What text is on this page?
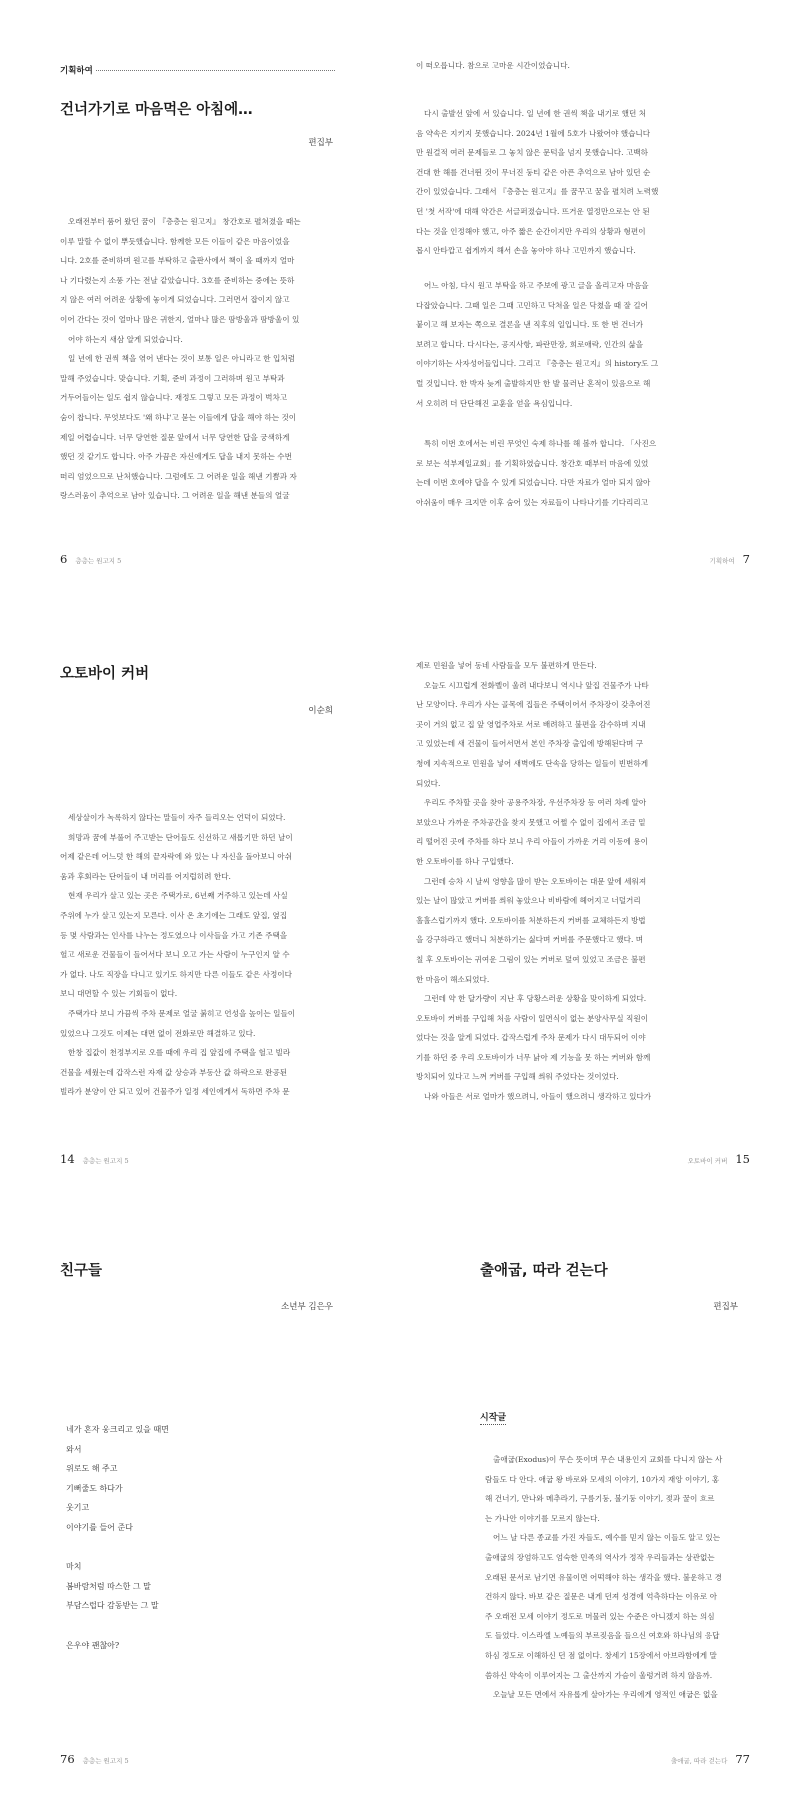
기획하여
건너가기로 마음먹은 아침에…
편집부

오래전부터 품어 왔던 꿈이 『층층는 원고지』 창간호로 펼쳐졌을 때는

이루 말할 수 없이 뿌듯했습니다. 함께한 모든 이들이 같은 마음이었을

니다. 2호를 준비하며 원고를 부탁하고 출판사에서 책이 올 때까지 얼마

나 기다렸는지 소풍 가는 전날 같았습니다. 3호를 준비하는 중에는 뜻하

지 않은 여러 어려운 상황에 놓이게 되었습니다. 그러면서 잡이지 않고

이어 간다는 것이 얼마나 많은 귀한지, 얼마나 많은 땀방울과 땀방울이 있

어야 하는지 새삼 알게 되었습니다.

일 년에 한 권씩 책을 엮어 낸다는 것이 보통 일은 아니라고 한 입처럼

말해 주었습니다. 맞습니다. 기획, 준비 과정이 그러하며 원고 부탁과

거두어들이는 일도 쉽지 않습니다. 재정도 그렇고 모든 과정이 벅차고

숨이 찹니다. 무엇보다도 '왜 하냐'고 묻는 이들에게 답을 해야 하는 것이

제일 어렵습니다. 너무 당연한 질문 앞에서 너무 당연한 답을 궁색하게

했던 것 같기도 합니다. 아주 가끔은 자신에게도 답을 내지 못하는 수번

떠리 엄었으므로 난처했습니다. 그럼에도 그 어려운 일을 해낸 기쁨과 자

랑스러움이 추억으로 남아 있습니다. 그 어려운 일을 해낸 분들의 얼굴

6 층층는 원고지 5

이 떠오릅니다. 참으로 고마운 시간이었습니다.

다시 출발선 앞에 서 있습니다. 일 년에 한 권씩 책을 내기로 했던 처

음 약속은 지키지 못했습니다. 2024년 1월에 5호가 나왔어야 했습니다

만 원걸적 여러 문제들로 그 놓치 않은 문턱을 넘지 못했습니다. 고백하

건대 한 해를 건너뛴 것이 무너진 둥티 같은 아픈 추억으로 남아 있던 순

간이 있었습니다. 그래서 『층층는 원고지』를 꿈꾸고 꿈을 펼치려 노력했

던 '첫 서작'에 대해 약간은 서글퍼졌습니다. 뜨거운 열정만으로는 안 된

다는 것을 인정해야 했고, 아주 짧은 순간이지만 우리의 상황과 형편이

몹시 안타깝고 쉽게까지 해서 손을 놓아야 하나 고민까지 했습니다.

어느 아침, 다시 원고 부탁을 하고 주보에 광고 글을 올리고자 마음을

다잡았습니다. 그때 일은 그때 고민하고 닥쳐올 일은 닥쳤을 때 잘 길어

붙이고 해 보자는 쪽으로 결론을 낸 직후의 일입니다. 또 한 번 건너가

보려고 합니다. 다시다는, 공지사항, 파란만장, 희로애락, 인간의 삶을

이야기하는 사자성어들입니다. 그리고 『층층는 원고지』의 history도 그

럴 것입니다. 한 박자 늦게 출발하지만 한 발 물러난 혼적이 있음으로 해

서 오히려 더 단단해진 교훈을 얻을 욕심입니다.

특히 이번 호에서는 비린 무엇인 숙제 하나를 해 볼까 합니다. 「사진으

로 보는 석부제일교회」를 기획하였습니다. 창간호 때부터 마음에 있었

는데 이번 호에야 답을 수 있게 되었습니다. 다만 자료가 얼마 되지 않아

아쉬움이 매우 크지만 이후 숨어 있는 자료들이 나타나기를 기다리리고

기획하여 7
오토바이 커버
이순희

세상살이가 녹록하지 않다는 말들이 자주 들리오는 언덕이 되었다.

희망과 꿈에 부풀어 주고받는 단어들도 신선하고 새롭기만 하던 날이

어제 같은데 어느덧 한 해의 끝자락에 와 있는 나 자신을 돌아보니 아쉬

움과 후회라는 단어들이 내 머리를 어지럽히려 한다.

현재 우리가 살고 있는 곳은 주택가로, 6년째 거주하고 있는데 사실

주위에 누가 살고 있는지 모른다. 이사 온 초기에는 그래도 앞집, 옆집

등 몇 사람과는 인사를 나누는 정도였으나 이사들을 가고 기존 주택을

헐고 새로운 건물들이 들어서다 보니 오고 가는 사람이 누구인지 알 수

가 없다. 나도 직장을 다니고 있기도 하지만 다른 이들도 같은 사정이다

보니 대면할 수 있는 기회들이 없다.

주택가다 보니 가끔씩 주차 문제로 얼굴 붉히고 언성을 높이는 일들이

있었으나 그것도 이제는 대면 없이 전화로만 해결하고 있다.

한창 집값이 천정부지로 오를 때에 우리 집 앞집에 주택을 헐고 빌라

건물을 세웠는데 갑작스런 자재 값 상승과 부동산 값 하락으로 완공된

빌라가 분양이 안 되고 있어 건물주가 일정 세인에게서 독하면 주차 문

14 층층는 원고지 5

제로 민원을 넣어 동네 사람들을 모두 불편하게 만든다.

오늘도 시끄럽게 전화벨이 울려 내다보니 역시나 앞집 건물주가 나타

난 모양이다. 우리가 사는 골목에 집들은 주택이어서 주차장이 갖추어진

곳이 거의 없고 집 앞 영업주차로 서로 배려하고 불편을 감수하며 지내

고 있었는데 새 건물이 들어서면서 본인 주차장 출입에 방해된다며 구

청에 지속적으로 민원을 넣어 새벽에도 단속을 당하는 일들이 빈번하게

되었다.

우리도 주차할 곳을 찾아 공용주차장, 우선주차장 등 여러 차례 알아

보았으나 가까운 주차공간을 찾지 못했고 어쩔 수 없이 집에서 조금 밑

리 떨어진 곳에 주차를 하다 보니 우리 아들이 가까운 거리 이동에 용이

한 오토바이를 하나 구입했다.

그런데 승차 시 날씨 영향을 많이 받는 오토바이는 대문 앞에 세워져

있는 날이 많았고 커버를 씌워 놓았으나 비바람에 헤어지고 너덜거리

홀홀스럽기까지 했다. 오토바이를 처분하든지 커버를 교체하든지 방법

을 강구하라고 했더니 처분하기는 싫다며 커버를 주문했다고 했다. 며

칠 후 오토바이는 귀여운 그림이 있는 커버로 덮여 있었고 조금은 불편

한 마음이 해소되었다.

그런데 약 한 달가량이 지난 후 당황스러운 상황을 맞이하게 되었다.

오토바이 커버를 구입해 처음 사람이 일면식이 없는 분양사무실 직원이

었다는 것을 알게 되었다. 갑작스럽게 주차 문제가 다시 대두되어 이야

기를 하던 중 우리 오토바이가 너무 낡아 제 기능을 못 하는 커버와 함께

방치되어 있다고 느껴 커버를 구입해 씌워 주었다는 것이었다.

나와 아들은 서로 얼마가 했으려니, 아들이 했으려니 생각하고 있다가

오토바이 커버 15
친구들
소년부 김은우
76 층층는 원고지 5

네가 혼자 웅크리고 있을 때면

와서

위로도 해 주고

기뻐줄도 하다가

웃기고

이야기를 들어 준다

마치

봄바람처럼 따스한 그 말

부담스럽다 감동받는 그 말

은우야 괜찮아?

출애굽, 따라 걷는다
편집부

출애굽(Exodus)이 무슨 뜻이며 무슨 내용인지 교회를 다니지 않는 사

람들도 다 안다. 애굽 왕 바로와 모세의 이야기, 10가지 재앙 이야기, 홍

해 건너기, 만나와 메추라기, 구름기둥, 불기둥 이야기, 젖과 꿀이 흐르

는 가나안 이야기를 모르지 않는다.

어느 날 다른 종교를 가진 자들도, 예수를 믿지 않는 이들도 알고 있는

출애굽의 장엄하고도 엄숙한 민족의 역사가 정작 우리들과는 상관없는

오래된 문서로 남기면 유물이면 어떡해야 하는 생각을 했다. 불운하고 경

건하지 않다. 바보 같은 질문은 내게 던져 성경에 억측하다는 이유로 아

주 오래전 모세 이야기 정도로 머물러 있는 수준은 아니겠지 하는 의심

도 들었다. 이스라엘 노예들의 부르짖음을 들으신 여호와 하나님의 응답

하심 정도로 이해하신 던 점 없이다. 창세기 15장에서 아브라함에게 말

씀하신 약속이 이루어지는 그 출산까지 가슴이 울렁거려 하지 않음까.

오늘날 모든 면에서 자유롭게 살아가는 우리에게 영적인 애굽은 없을

출애굽, 따라 걷는다 77
시작글
